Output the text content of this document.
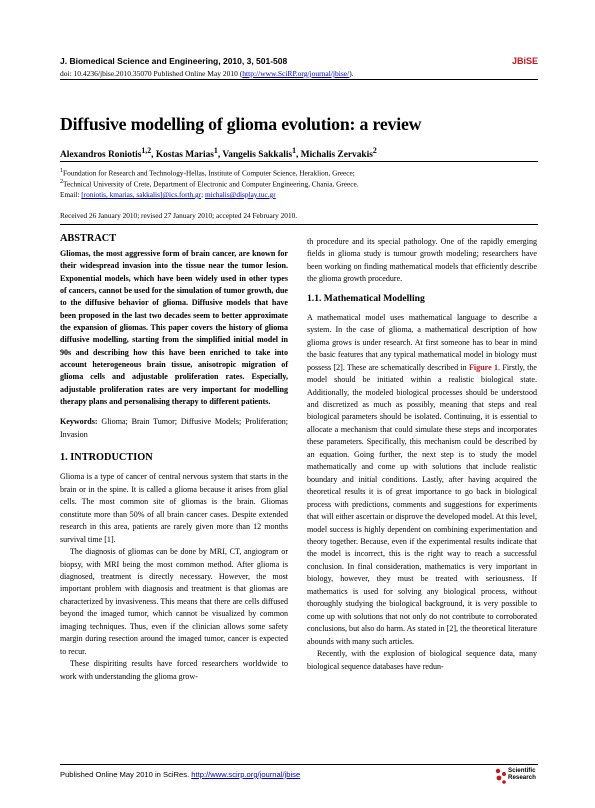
J. Biomedical Science and Engineering, 2010, 3, 501-508
doi: 10.4236/jbise.2010.35070 Published Online May 2010 (http://www.SciRP.org/journal/jbise/).
JBiSE
Diffusive modelling of glioma evolution: a review
Alexandros Roniotis$^{1,2}$, Kostas Marias$^1$, Vangelis Sakkalis$^1$, Michalis Zervakis$^2$
$^1$Foundation for Research and Technology-Hellas, Institute of Computer Science, Heraklion, Greece;
$^2$Technical University of Crete, Department of Electronic and Computer Engineering, Chania, Greece.
Email: [roniotis, kmarias, sakkalis]@ics.forth.gr; michalis@display.tuc.gr
Received 26 January 2010; revised 27 January 2010; accepted 24 February 2010.
ABSTRACT

Gliomas, the most aggressive form of brain cancer, are known for their widespread invasion into the tissue near the tumor lesion. Exponential models, which have been widely used in other types of cancers, cannot be used for the simulation of tumor growth, due to the diffusive behavior of glioma. Diffusive models that have been proposed in the last two decades seem to better approximate the expansion of gliomas. This paper covers the history of glioma diffusive modelling, starting from the simplified initial model in 90s and describing how this have been enriched to take into account heterogeneous brain tissue, anisotropic migration of glioma cells and adjustable proliferation rates. Especially, adjustable proliferation rates are very important for modelling therapy plans and personalising therapy to different patients.

Keywords: Glioma; Brain Tumor; Diffusive Models; Proliferation; Invasion

1. INTRODUCTION

Glioma is a type of cancer of central nervous system that starts in the brain or in the spine. It is called a glioma because it arises from glial cells. The most common site of gliomas is the brain. Gliomas constitute more than 50% of all brain cancer cases. Despite extended research in this area, patients are rarely given more than 12 months survival time [1].

The diagnosis of gliomas can be done by MRI, CT, angiogram or biopsy, with MRI being the most common method. After glioma is diagnosed, treatment is directly necessary. However, the most important problem with diagnosis and treatment is that gliomas are characterized by invasiveness. This means that there are cells diffused beyond the imaged tumor, which cannot be visualized by common imaging techniques. Thus, even if the clinician allows some safety margin during resection around the imaged tumor, cancer is expected to recur.

These dispiriting results have forced researchers worldwide to work with understanding the glioma grow-

th procedure and its special pathology. One of the rapidly emerging fields in glioma study is tumour growth modeling; researchers have been working on finding mathematical models that efficiently describe the glioma growth procedure.

1.1. Mathematical Modelling

A mathematical model uses mathematical language to describe a system. In the case of glioma, a mathematical description of how glioma grows is under research. At first someone has to bear in mind the basic features that any typical mathematical model in biology must possess [2]. These are schematically described in Figure 1. Firstly, the model should be initiated within a realistic biological state. Additionally, the modeled biological processes should be understood and discretized as much as possibly, meaning that steps and real biological parameters should be isolated. Continuing, it is essential to allocate a mechanism that could simulate these steps and incorporates these parameters. Specifically, this mechanism could be described by an equation. Going further, the next step is to study the model mathematically and come up with solutions that include realistic boundary and initial conditions. Lastly, after having acquired the theoretical results it is of great importance to go back in biological process with predictions, comments and suggestions for experiments that will either ascertain or disprove the developed model. At this level, model success is highly dependent on combining experimentation and theory together. Because, even if the experimental results indicate that the model is incorrect, this is the right way to reach a successful conclusion. In final consideration, mathematics is very important in biology, however, they must be treated with seriousness. If mathematics is used for solving any biological process, without thoroughly studying the biological background, it is very possible to come up with solutions that not only do not contribute to corroborated conclusions, but also do harm. As stated in [2], the theoretical literature abounds with many such articles.

Recently, with the explosion of biological sequence data, many biological sequence databases have redun-

Published Online May 2010 in SciRes. http://www.scirp.org/journal/jbise	Scientific
Research
